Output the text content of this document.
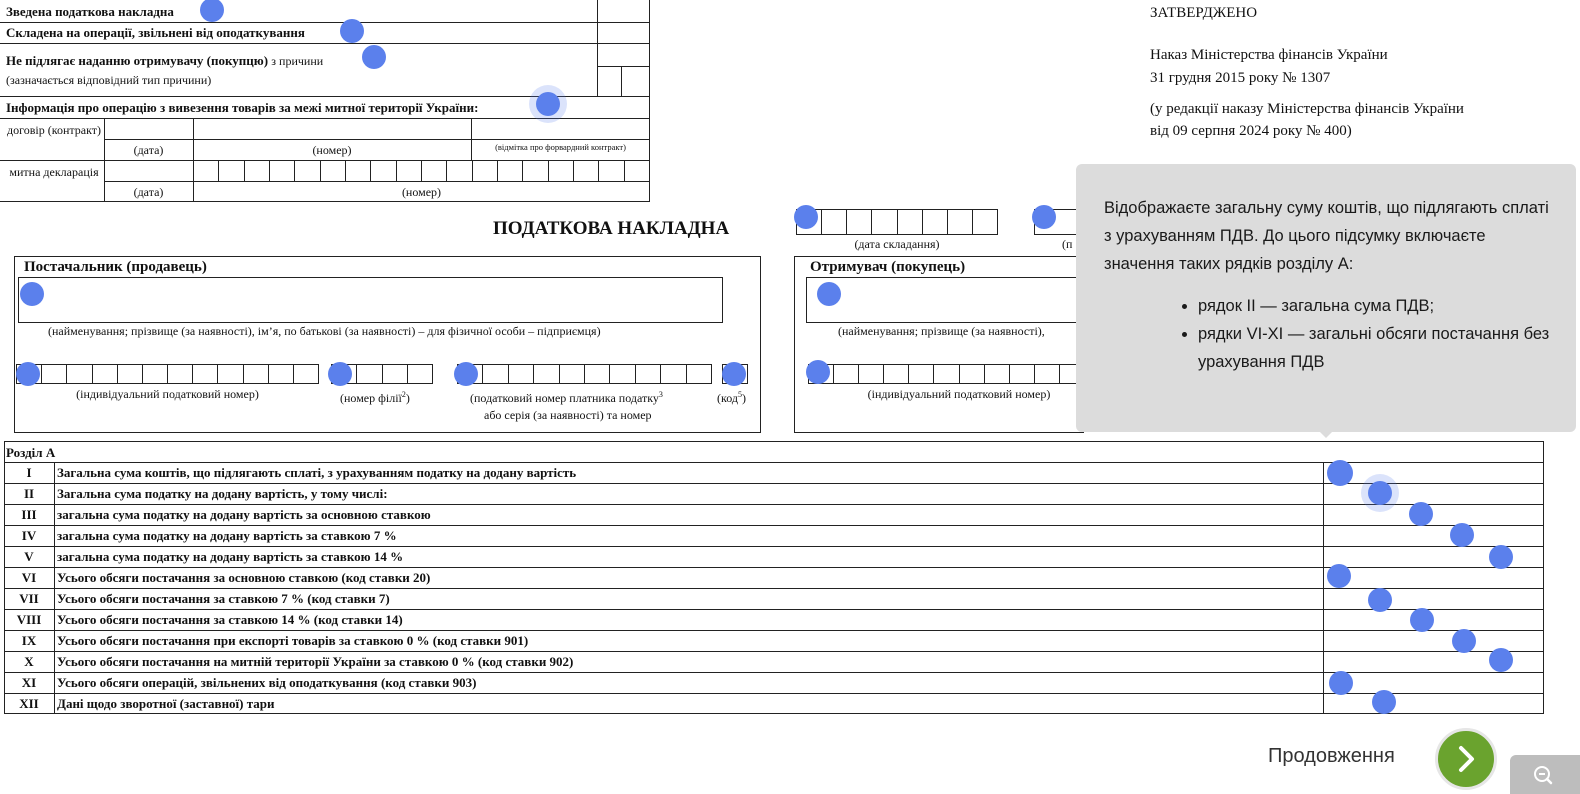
Зведена податкова накладна
Складена на операції, звільнені від оподаткування
Не підлягає наданню отримувачу (покупцю) з причини
(зазначається відповідний тип причини)
Інформація про операцію з вивезення товарів за межі митної території України:
договір (контракт)
митна декларація
(дата)	(номер)	(відмітка про форвардний контракт)
(дата)	(номер)
ЗАТВЕРДЖЕНО
Наказ Міністерства фінансів України
31 грудня 2015 року № 1307
(у редакції наказу Міністерства фінансів України
від 09 серпня 2024 року № 400)
ПОДАТКОВА НАКЛАДНА
(дата складання)	(п
Постачальник (продавець)
(найменування; прізвище (за наявності), ім’я, по батькові (за наявності) – для фізичної особи – підприємця)
(індивідуальний податковий номер)	(номер філії$^2$)	(податковий номер платника податку$^3$
або серія (за наявності) та номер
(код$^5$)
Отримувач (покупець)
(найменування; прізвище (за наявності),
(індивідуальний податковий номер)
Розділ А
I	Загальна сума коштів, що підлягають сплаті, з урахуванням податку на додану вартість
II	Загальна сума податку на додану вартість, у тому числі:
III	загальна сума податку на додану вартість за основною ставкою
IV	загальна сума податку на додану вартість за ставкою 7 %
V	загальна сума податку на додану вартість за ставкою 14 %
VI	Усього обсяги постачання за основною ставкою (код ставки 20)
VII	Усього обсяги постачання за ставкою 7 % (код ставки 7)
VIII	Усього обсяги постачання за ставкою 14 % (код ставки 14)
IX	Усього обсяги постачання при експорті товарів за ставкою 0 % (код ставки 901)
X	Усього обсяги постачання на митній території України за ставкою 0 % (код ставки 902)
XI	Усього обсяги операцій, звільнених від оподаткування (код ставки 903)
XII	Дані щодо зворотної (заставної) тари
Відображаєте загальну суму коштів, що підлягають сплаті з урахуванням ПДВ. До цього підсумку включаєте значення таких рядків розділу А:
• рядок II — загальна сума ПДВ;
• рядки VI-XI — загальні обсяги постачання без урахування ПДВ
Продовження
